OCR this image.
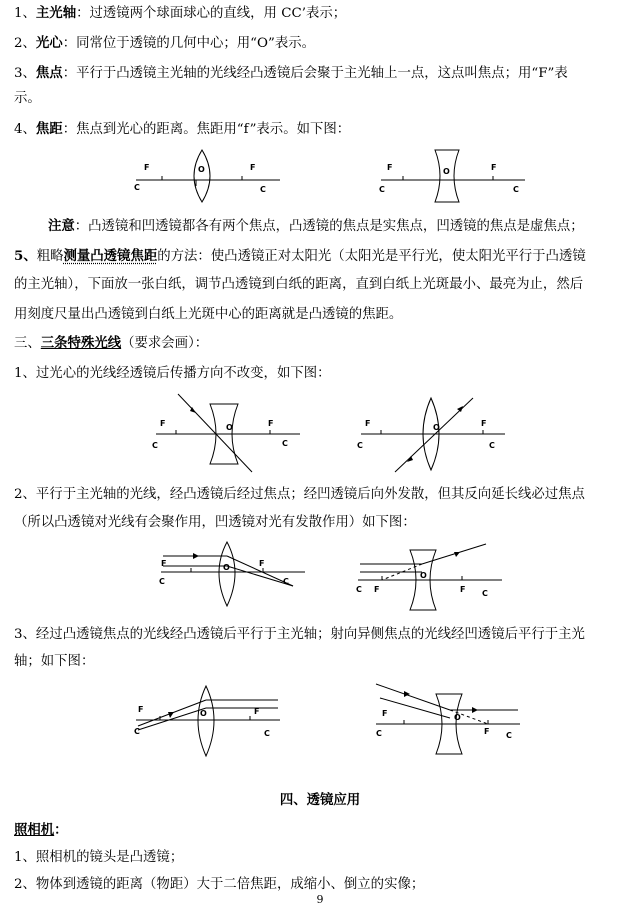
1、主光轴：过透镜两个球面球心的直线，用 CC’表示；
2、光心：同常位于透镜的几何中心；用“O”表示。
3、焦点：平行于凸透镜主光轴的光线经凸透镜后会聚于主光轴上一点，这点叫焦点；用“F”表
示。
4、焦距：焦点到光心的距离。焦距用“f”表示。如下图：
F
C
O	F
C
F
C
O	F
C
注意：凸透镜和凹透镜都各有两个焦点，凸透镜的焦点是实焦点，凹透镜的焦点是虚焦点；
5、粗略测量凸透镜焦距的方法：使凸透镜正对太阳光（太阳光是平行光，使太阳光平行于凸透镜
的主光轴），下面放一张白纸，调节凸透镜到白纸的距离，直到白纸上光斑最小、最亮为止，然后
用刻度尺量出凸透镜到白纸上光斑中心的距离就是凸透镜的焦距。
三、三条特殊光线（要求会画）：
1、过光心的光线经透镜后传播方向不改变，如下图：
F
C
O	F
C
F
C
O	F
C
2、平行于主光轴的光线，经凸透镜后经过焦点；经凹透镜后向外发散，但其反向延长线必过焦点
（所以凸透镜对光线有会聚作用，凹透镜对光有发散作用）如下图：
F
C
O	F
C
C F
O
F C
3、经过凸透镜焦点的光线经凸透镜后平行于主光轴；射向异侧焦点的光线经凹透镜后平行于主光
轴；如下图：
F
C
O	F
C
F
C
O
F C
四、透镜应用
照相机：
1、照相机的镜头是凸透镜；
2、物体到透镜的距离（物距）大于二倍焦距，成缩小、倒立的实像；
9
